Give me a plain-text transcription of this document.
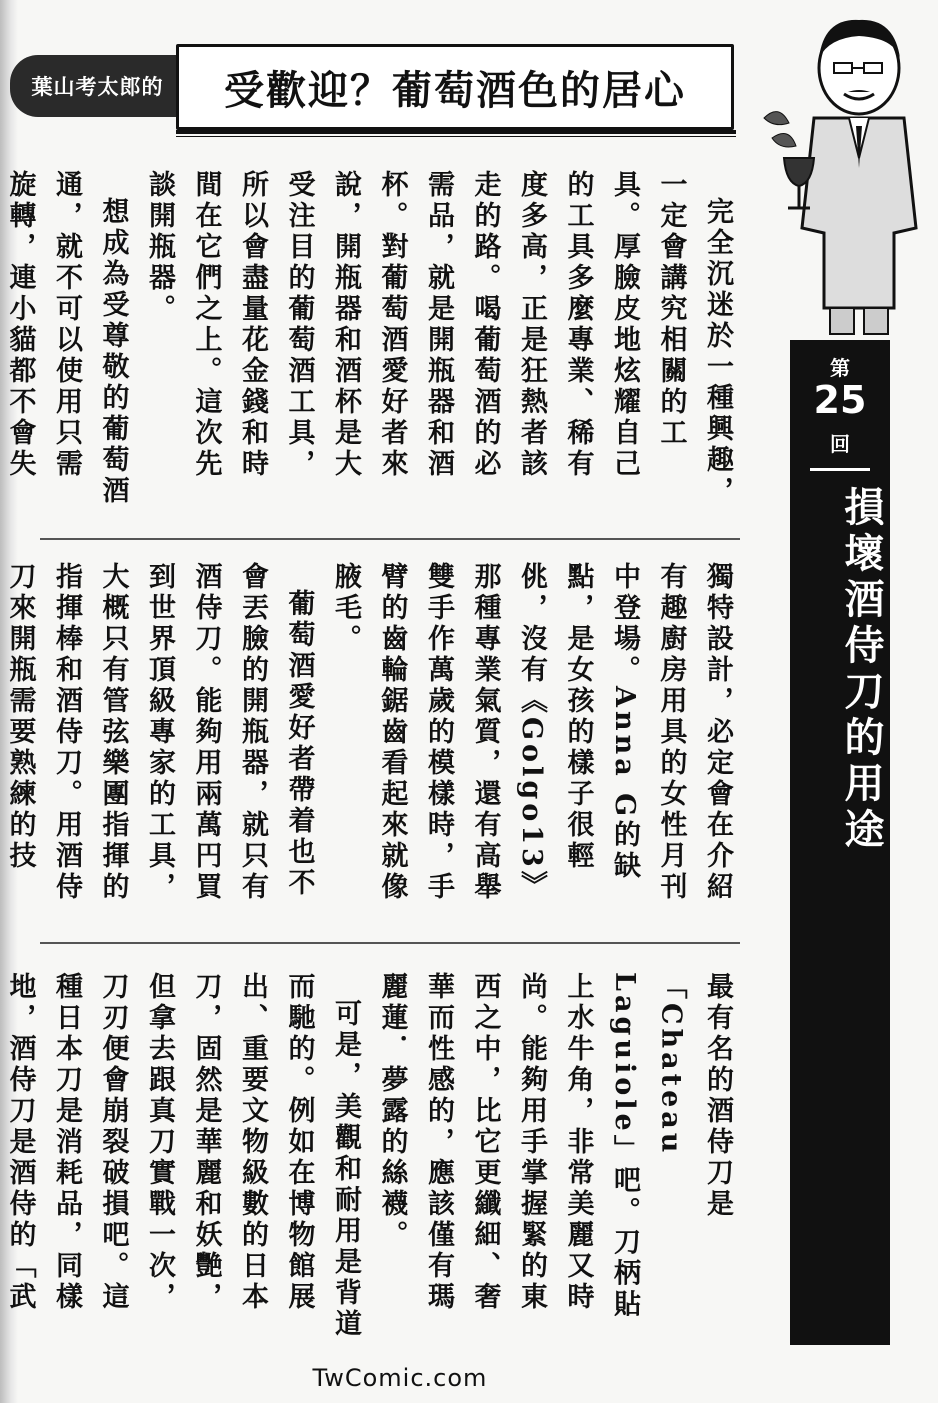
葉山考太郎的	受歡迎？葡萄酒色的居心
第
25
回
損壞酒侍刀的用途

完全沉迷於一種興趣，一定會講究相關的工具。厚臉皮地炫耀自己的工具多麼專業、稀有度多高，正是狂熱者該走的路。喝葡萄酒的必需品，就是開瓶器和酒杯。對葡萄酒愛好者來說，開瓶器和酒杯是大受注目的葡萄酒工具，所以會盡量花金錢和時間在它們之上。這次先談開瓶器。

想成為受尊敬的葡萄酒通，就不可以使用只需旋轉，連小貓都不會失

獨特設計，必定會在介紹有趣廚房用具的女性月刊中登場。Anna G的缺點，是女孩的樣子很輕佻，沒有《Golgo13》那種專業氣質，還有高舉雙手作萬歲的模樣時，手臂的齒輪鋸齒看起來就像腋毛。

葡萄酒愛好者帶着也不會丟臉的開瓶器，就只有酒侍刀。能夠用兩萬円買到世界頂級專家的工具，大概只有管弦樂團指揮的指揮棒和酒侍刀。用酒侍刀來開瓶需要熟練的技

最有名的酒侍刀是「Chateau Laguiole」吧。刀柄貼上水牛角，非常美麗又時尚。能夠用手掌握緊的東西之中，比它更纖細、奢華而性感的，應該僅有瑪麗蓮．夢露的絲襪。

可是，美觀和耐用是背道而馳的。例如在博物館展出、重要文物級數的日本刀，固然是華麗和妖艷，但拿去跟真刀實戰一次，刀刃便會崩裂破損吧。這種日本刀是消耗品，同樣地，酒侍刀是酒侍的「武

TwComic.com
